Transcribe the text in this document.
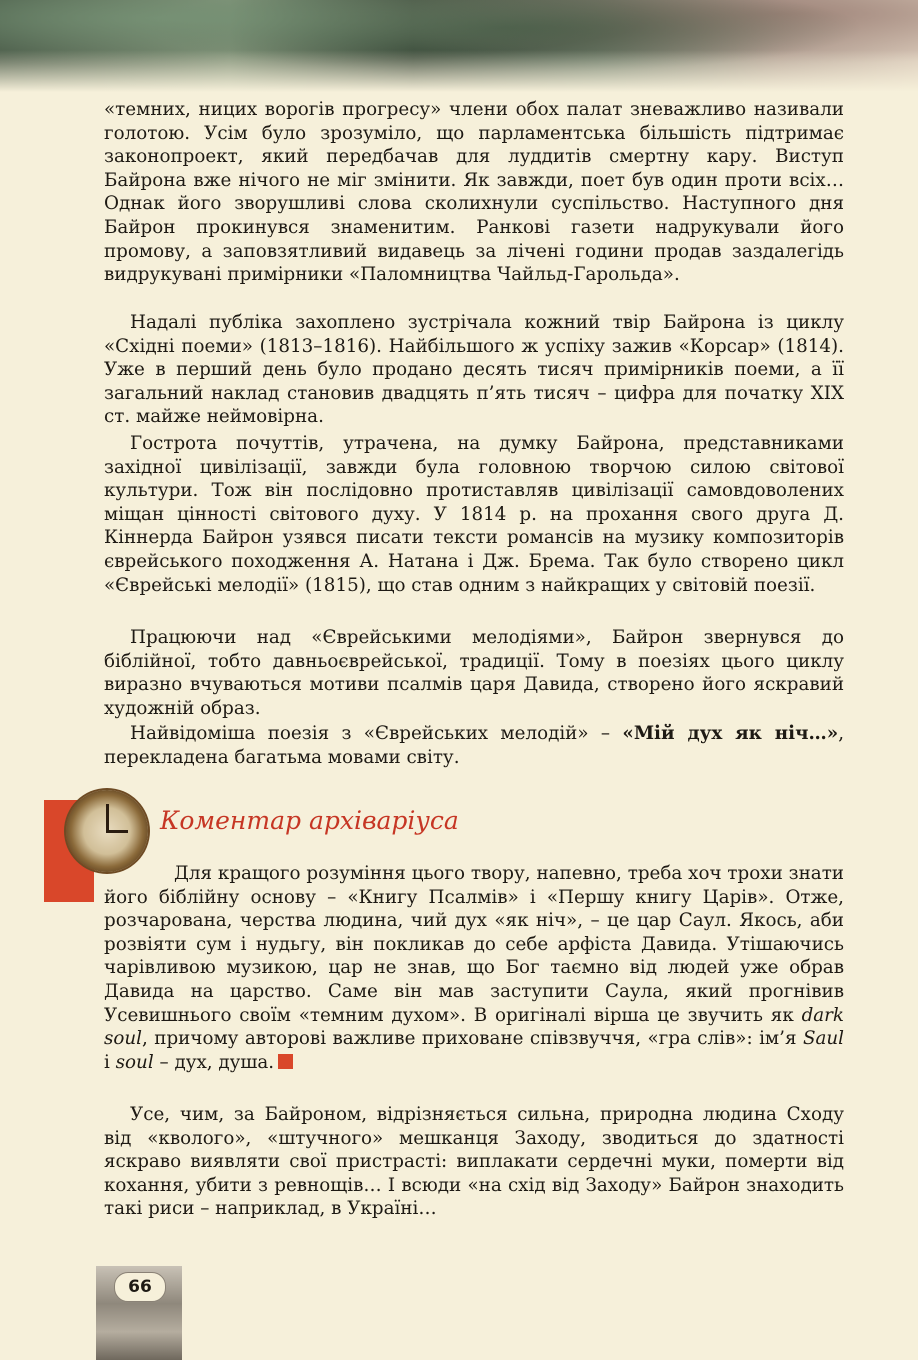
«темних, ницих ворогів прогресу» члени обох палат зневажливо називали голотою. Усім було зрозуміло, що парламентська більшість підтримає законопроект, який передбачав для луддитів смертну кару. Виступ Байрона вже нічого не міг змінити. Як завжди, поет був один проти всіх… Однак його зворушливі слова сколихнули суспільство. Наступного дня Байрон прокинувся знаменитим. Ранкові газети надрукували його промову, а заповзятливий видавець за лічені години продав заздалегідь видрукувані примірники «Паломництва Чайльд-Гарольда».

Надалі публіка захоплено зустрічала кожний твір Байрона із циклу «Східні поеми» (1813–1816). Найбільшого ж успіху зажив «Корсар» (1814). Уже в перший день було продано десять тисяч примірників поеми, а її загальний наклад становив двадцять п’ять тисяч – цифра для початку ХІХ ст. майже неймовірна.

Гострота почуттів, утрачена, на думку Байрона, представниками західної цивілізації, завжди була головною творчою силою світової культури. Тож він послідовно протиставляв цивілізації самовдоволених міщан цінності світового духу. У 1814 р. на прохання свого друга Д. Кіннерда Байрон узявся писати тексти романсів на музику композиторів єврейського походження А. Натана і Дж. Брема. Так було створено цикл «Єврейські мелодії» (1815), що став одним з найкращих у світовій поезії.

Працюючи над «Єврейськими мелодіями», Байрон звернувся до біблійної, тобто давньоєврейської, традиції. Тому в поезіях цього циклу виразно вчуваються мотиви псалмів царя Давида, створено його яскравий художній образ.

Найвідоміша поезія з «Єврейських мелодій» – «Мій дух як ніч…», перекладена багатьма мовами світу.

Коментар архіваріуса

Для кращого розуміння цього твору, напевно, треба хоч трохи знати його біблійну основу – «Книгу Псалмів» і «Першу книгу Царів». Отже, розчарована, черства людина, чий дух «як ніч», – це цар Саул. Якось, аби розвіяти сум і нудьгу, він покликав до себе арфіста Давида. Утішаючись чарівливою музикою, цар не знав, що Бог таємно від людей уже обрав Давида на царство. Саме він мав заступити Саула, який прогнівив Усевишнього своїм «темним духом». В оригіналі вірша це звучить як dark soul, причому авторові важливе приховане співзвуччя, «гра слів»: ім’я Saul і soul – дух, душа.

Усе, чим, за Байроном, відрізняється сильна, природна людина Сходу від «кволого», «штучного» мешканця Заходу, зводиться до здатності яскраво виявляти свої пристрасті: виплакати сердечні муки, померти від кохання, убити з ревнощів… І всюди «на схід від Заходу» Байрон знаходить такі риси – наприклад, в Україні…

66
